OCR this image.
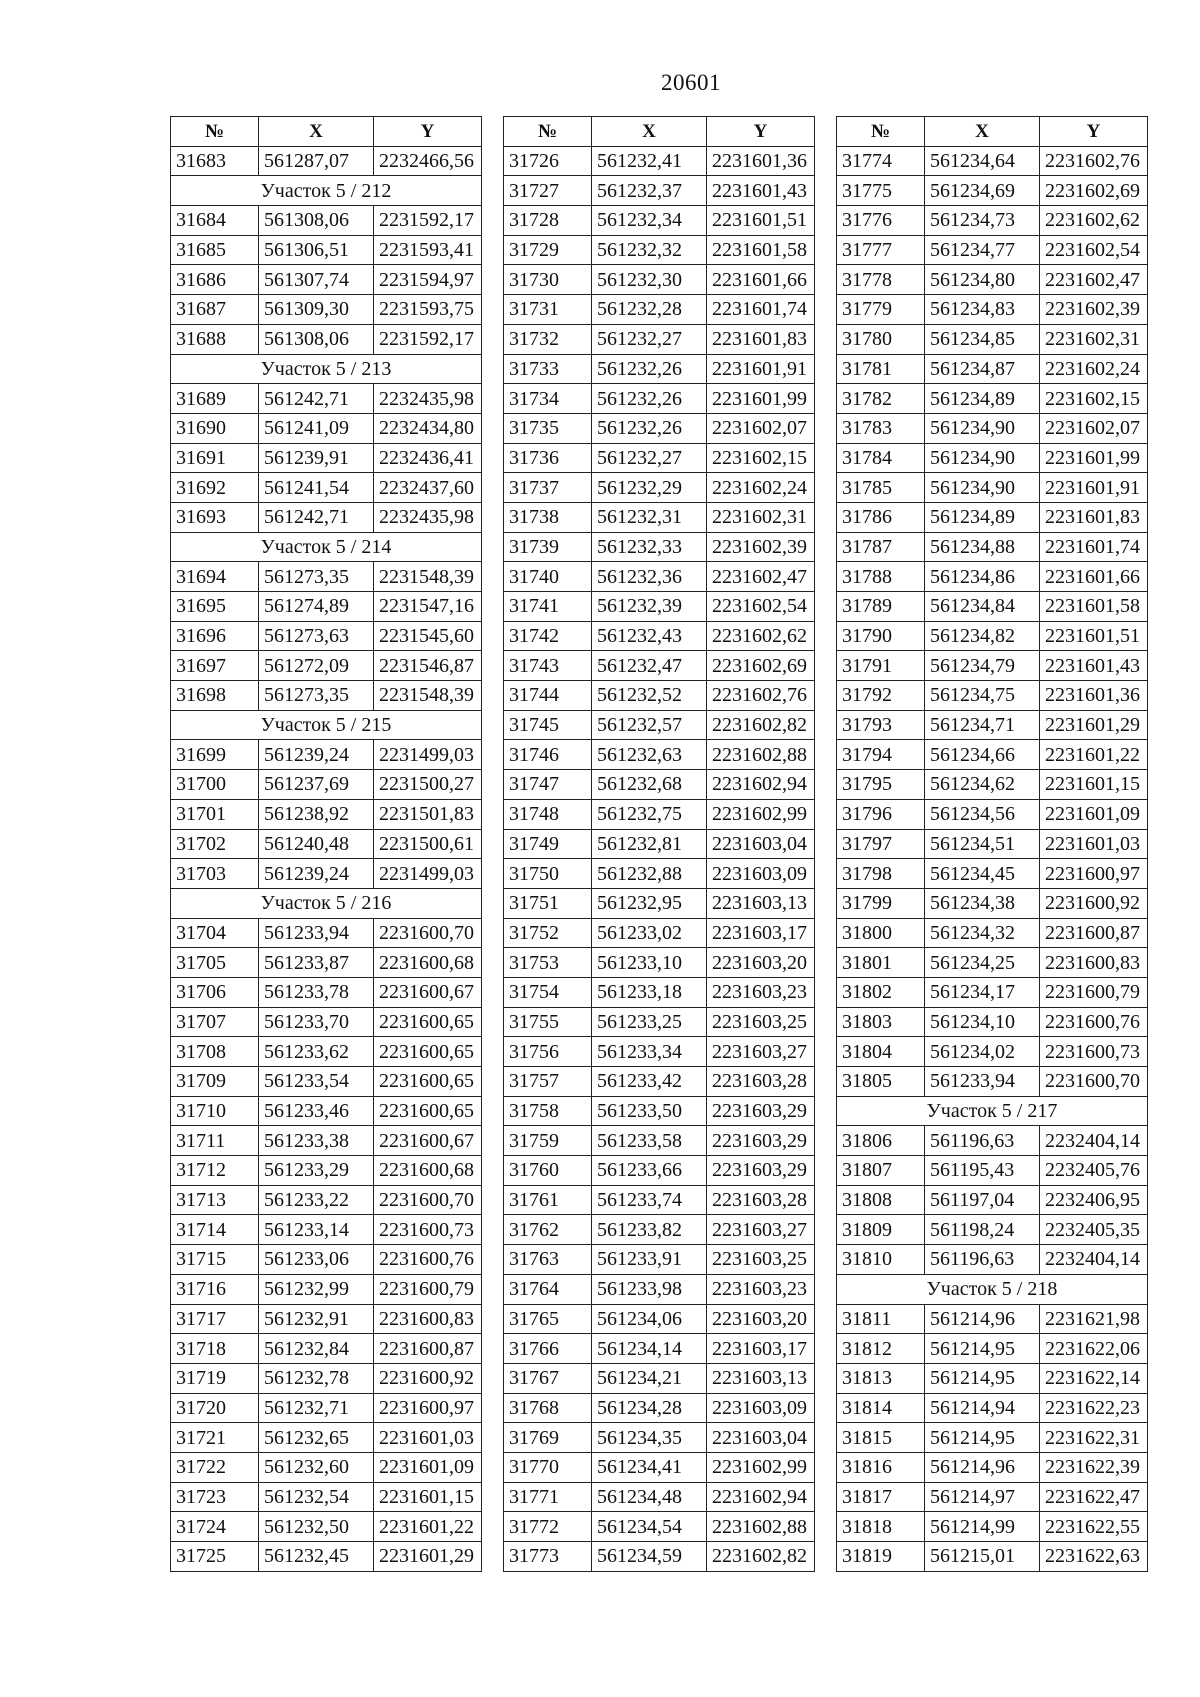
20601
№	X	Y
31683	561287,07	2232466,56
Участок 5 / 212		
31684	561308,06	2231592,17
31685	561306,51	2231593,41
31686	561307,74	2231594,97
31687	561309,30	2231593,75
31688	561308,06	2231592,17
Участок 5 / 213		
31689	561242,71	2232435,98
31690	561241,09	2232434,80
31691	561239,91	2232436,41
31692	561241,54	2232437,60
31693	561242,71	2232435,98
Участок 5 / 214		
31694	561273,35	2231548,39
31695	561274,89	2231547,16
31696	561273,63	2231545,60
31697	561272,09	2231546,87
31698	561273,35	2231548,39
Участок 5 / 215		
31699	561239,24	2231499,03
31700	561237,69	2231500,27
31701	561238,92	2231501,83
31702	561240,48	2231500,61
31703	561239,24	2231499,03
Участок 5 / 216		
31704	561233,94	2231600,70
31705	561233,87	2231600,68
31706	561233,78	2231600,67
31707	561233,70	2231600,65
31708	561233,62	2231600,65
31709	561233,54	2231600,65
31710	561233,46	2231600,65
31711	561233,38	2231600,67
31712	561233,29	2231600,68
31713	561233,22	2231600,70
31714	561233,14	2231600,73
31715	561233,06	2231600,76
31716	561232,99	2231600,79
31717	561232,91	2231600,83
31718	561232,84	2231600,87
31719	561232,78	2231600,92
31720	561232,71	2231600,97
31721	561232,65	2231601,03
31722	561232,60	2231601,09
31723	561232,54	2231601,15
31724	561232,50	2231601,22
31725	561232,45	2231601,29
№	X	Y
31726	561232,41	2231601,36
31727	561232,37	2231601,43
31728	561232,34	2231601,51
31729	561232,32	2231601,58
31730	561232,30	2231601,66
31731	561232,28	2231601,74
31732	561232,27	2231601,83
31733	561232,26	2231601,91
31734	561232,26	2231601,99
31735	561232,26	2231602,07
31736	561232,27	2231602,15
31737	561232,29	2231602,24
31738	561232,31	2231602,31
31739	561232,33	2231602,39
31740	561232,36	2231602,47
31741	561232,39	2231602,54
31742	561232,43	2231602,62
31743	561232,47	2231602,69
31744	561232,52	2231602,76
31745	561232,57	2231602,82
31746	561232,63	2231602,88
31747	561232,68	2231602,94
31748	561232,75	2231602,99
31749	561232,81	2231603,04
31750	561232,88	2231603,09
31751	561232,95	2231603,13
31752	561233,02	2231603,17
31753	561233,10	2231603,20
31754	561233,18	2231603,23
31755	561233,25	2231603,25
31756	561233,34	2231603,27
31757	561233,42	2231603,28
31758	561233,50	2231603,29
31759	561233,58	2231603,29
31760	561233,66	2231603,29
31761	561233,74	2231603,28
31762	561233,82	2231603,27
31763	561233,91	2231603,25
31764	561233,98	2231603,23
31765	561234,06	2231603,20
31766	561234,14	2231603,17
31767	561234,21	2231603,13
31768	561234,28	2231603,09
31769	561234,35	2231603,04
31770	561234,41	2231602,99
31771	561234,48	2231602,94
31772	561234,54	2231602,88
31773	561234,59	2231602,82
№	X	Y
31774	561234,64	2231602,76
31775	561234,69	2231602,69
31776	561234,73	2231602,62
31777	561234,77	2231602,54
31778	561234,80	2231602,47
31779	561234,83	2231602,39
31780	561234,85	2231602,31
31781	561234,87	2231602,24
31782	561234,89	2231602,15
31783	561234,90	2231602,07
31784	561234,90	2231601,99
31785	561234,90	2231601,91
31786	561234,89	2231601,83
31787	561234,88	2231601,74
31788	561234,86	2231601,66
31789	561234,84	2231601,58
31790	561234,82	2231601,51
31791	561234,79	2231601,43
31792	561234,75	2231601,36
31793	561234,71	2231601,29
31794	561234,66	2231601,22
31795	561234,62	2231601,15
31796	561234,56	2231601,09
31797	561234,51	2231601,03
31798	561234,45	2231600,97
31799	561234,38	2231600,92
31800	561234,32	2231600,87
31801	561234,25	2231600,83
31802	561234,17	2231600,79
31803	561234,10	2231600,76
31804	561234,02	2231600,73
31805	561233,94	2231600,70
Участок 5 / 217		
31806	561196,63	2232404,14
31807	561195,43	2232405,76
31808	561197,04	2232406,95
31809	561198,24	2232405,35
31810	561196,63	2232404,14
Участок 5 / 218		
31811	561214,96	2231621,98
31812	561214,95	2231622,06
31813	561214,95	2231622,14
31814	561214,94	2231622,23
31815	561214,95	2231622,31
31816	561214,96	2231622,39
31817	561214,97	2231622,47
31818	561214,99	2231622,55
31819	561215,01	2231622,63
